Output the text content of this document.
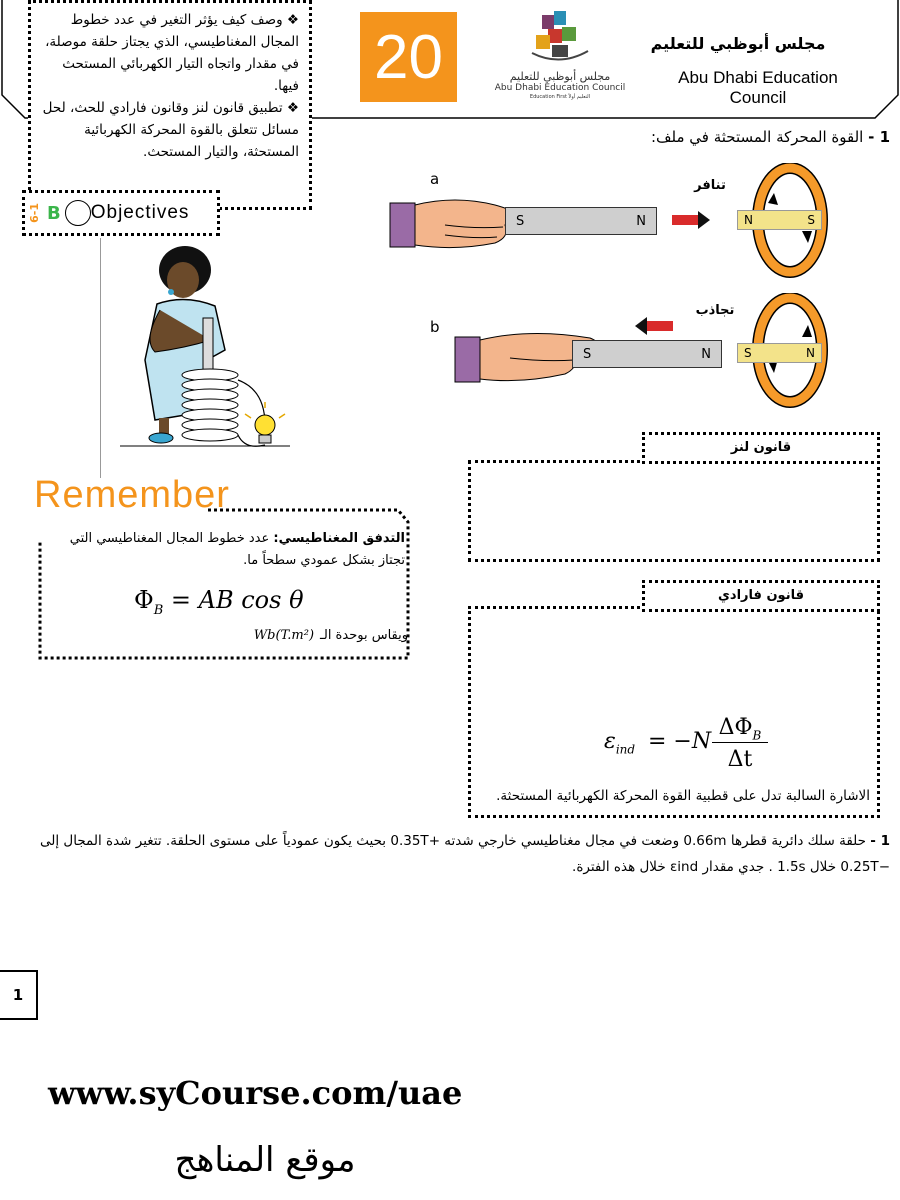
20	مجلس أبوظبي للتعليم
Abu Dhabi Education Council
Education First التعليم أولاً
مجلس أبوظبي للتعليم
Abu Dhabi Education Council
❖ وصف كيف يؤثر التغير في عدد خطوط المجال المغناطيسي، الذي يجتاز حلقة موصلة، في مقدار واتجاه التيار الكهربائي المستحث فيها.
❖ تطبيق قانون لنز وقانون فارادي للحث، لحل مسائل تتعلق بالقوة المحركة الكهربائية المستحثة، والتيار المستحث.
6-1 B Objectives
1 - القوة المحركة المستحثة في ملف:
a
S	N
تنافر
N	S
b
S	N
تجاذب
S	N
قانون لنز
قانون فارادي
$\varepsilon_{ind} = -N$
$\Delta\Phi_B$
Δt
الاشارة السالبة تدل على قطبية القوة المحركة الكهربائية المستحثة.
Remember
التدفق المغناطيسي: عدد خطوط المجال المغناطيسي التي تجتاز بشكل عمودي سطحاً ما.
$\Phi_B$ = AB cos θ
ويقاس بوحدة الـ
Wb(T.m²)
1 - حلقة سلك دائرية قطرها 0.66m وضعت في مجال مغناطيسي خارجي شدته +0.35T بحيث يكون عمودياً على مستوى الحلقة. تتغير شدة المجال إلى −0.25T خلال 1.5s . جدي مقدار εind خلال هذه الفترة.
1
www.syCourse.com/uae
موقع المناهج
